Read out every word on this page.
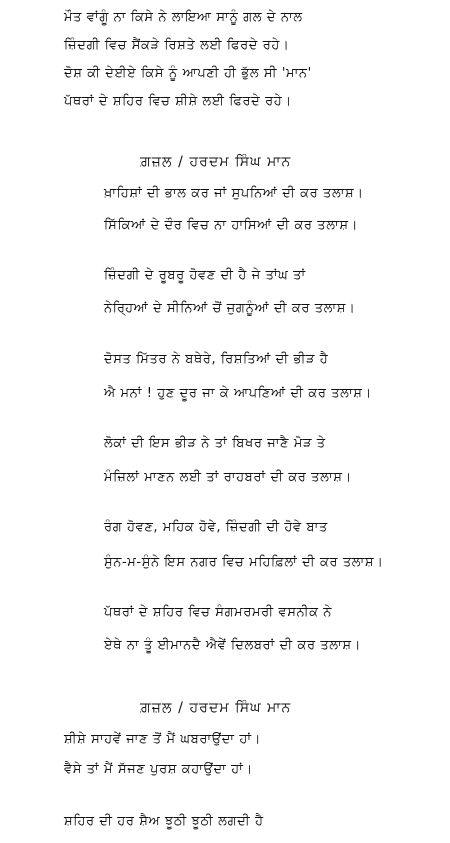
ਮੌਤ ਵਾਂਗੂੰ ਨਾ ਕਿਸੇ ਨੇ ਲਾਇਆ ਸਾਨੂੰ ਗਲ ਦੇ ਨਾਲ

ਜ਼ਿੰਦਗੀ ਵਿਚ ਸੈਂਕੜੇ ਰਿਸ਼ਤੇ ਲਈ ਫਿਰਦੇ ਰਹੇ।

ਦੋਸ਼ ਕੀ ਦੇਈਏ ਕਿਸੇ ਨੂੰ ਆਪਣੀ ਹੀ ਭੁੱਲ ਸੀ 'ਮਾਨ'

ਪੱਥਰਾਂ ਦੇ ਸ਼ਹਿਰ ਵਿਚ ਸ਼ੀਸ਼ੇ ਲਈ ਫਿਰਦੇ ਰਹੇ।

ਗ਼ਜ਼ਲ / ਹਰਦਮ ਸਿੰਘ ਮਾਨ

ਖ਼ਾਹਿਸ਼ਾਂ ਦੀ ਭਾਲ ਕਰ ਜਾਂ ਸੁਪਨਿਆਂ ਦੀ ਕਰ ਤਲਾਸ਼।

ਸਿੱਕਿਆਂ ਦੇ ਦੌਰ ਵਿਚ ਨਾ ਹਾਸਿਆਂ ਦੀ ਕਰ ਤਲਾਸ਼।

ਜ਼ਿੰਦਗੀ ਦੇ ਰੂਬਰੂ ਹੋਵਣ ਦੀ ਹੈ ਜੇ ਤਾਂਘ ਤਾਂ

ਨੇਰ੍ਹਿਆਂ ਦੇ ਸੀਨਿਆਂ ਚੋਂ ਜੁਗਨੂੰਆਂ ਦੀ ਕਰ ਤਲਾਸ਼।

ਦੋਸਤ ਮਿੱਤਰ ਨੇ ਬਥੇਰੇ, ਰਿਸ਼ਤਿਆਂ ਦੀ ਭੀੜ ਹੈ

ਐ ਮਨਾਂ ! ਹੁਣ ਦੂਰ ਜਾ ਕੇ ਆਪਣਿਆਂ ਦੀ ਕਰ ਤਲਾਸ਼।

ਲੋਕਾਂ ਦੀ ਇਸ ਭੀੜ ਨੇ ਤਾਂ ਬਿਖਰ ਜਾਣੈ ਮੋੜ ਤੇ

ਮੰਜ਼ਿਲਾਂ ਮਾਣਨ ਲਈ ਤਾਂ ਰਾਹਬਰਾਂ ਦੀ ਕਰ ਤਲਾਸ਼।

ਰੰਗ ਹੋਵਣ, ਮਹਿਕ ਹੋਵੇ, ਜ਼ਿੰਦਗੀ ਦੀ ਹੋਵੇ ਬਾਤ

ਸੁੰਨ-ਮ-ਸੁੰਨੇ ਇਸ ਨਗਰ ਵਿਚ ਮਹਿਫ਼ਿਲਾਂ ਦੀ ਕਰ ਤਲਾਸ਼।

ਪੱਥਰਾਂ ਦੇ ਸ਼ਹਿਰ ਵਿਚ ਸੰਗਮਰਮਰੀ ਵਸਨੀਕ ਨੇ

ਏਥੇ ਨਾ ਤੂੰ ਈਮਾਨਦੈ ਐਵੇਂ ਦਿਲਬਰਾਂ ਦੀ ਕਰ ਤਲਾਸ਼।

ਗ਼ਜ਼ਲ / ਹਰਦਮ ਸਿੰਘ ਮਾਨ

ਸ਼ੀਸ਼ੇ ਸਾਹਵੇਂ ਜਾਣ ਤੋਂ ਮੈਂ ਘਬਰਾਉਂਦਾ ਹਾਂ।

ਵੈਸੇ ਤਾਂ ਮੈਂ ਸੱਜਣ ਪੁਰਸ਼ ਕਹਾਉਂਦਾ ਹਾਂ।

ਸ਼ਹਿਰ ਦੀ ਹਰ ਸ਼ੈਅ ਝੂਠੀ ਝੂਠੀ ਲਗਦੀ ਹੈ
